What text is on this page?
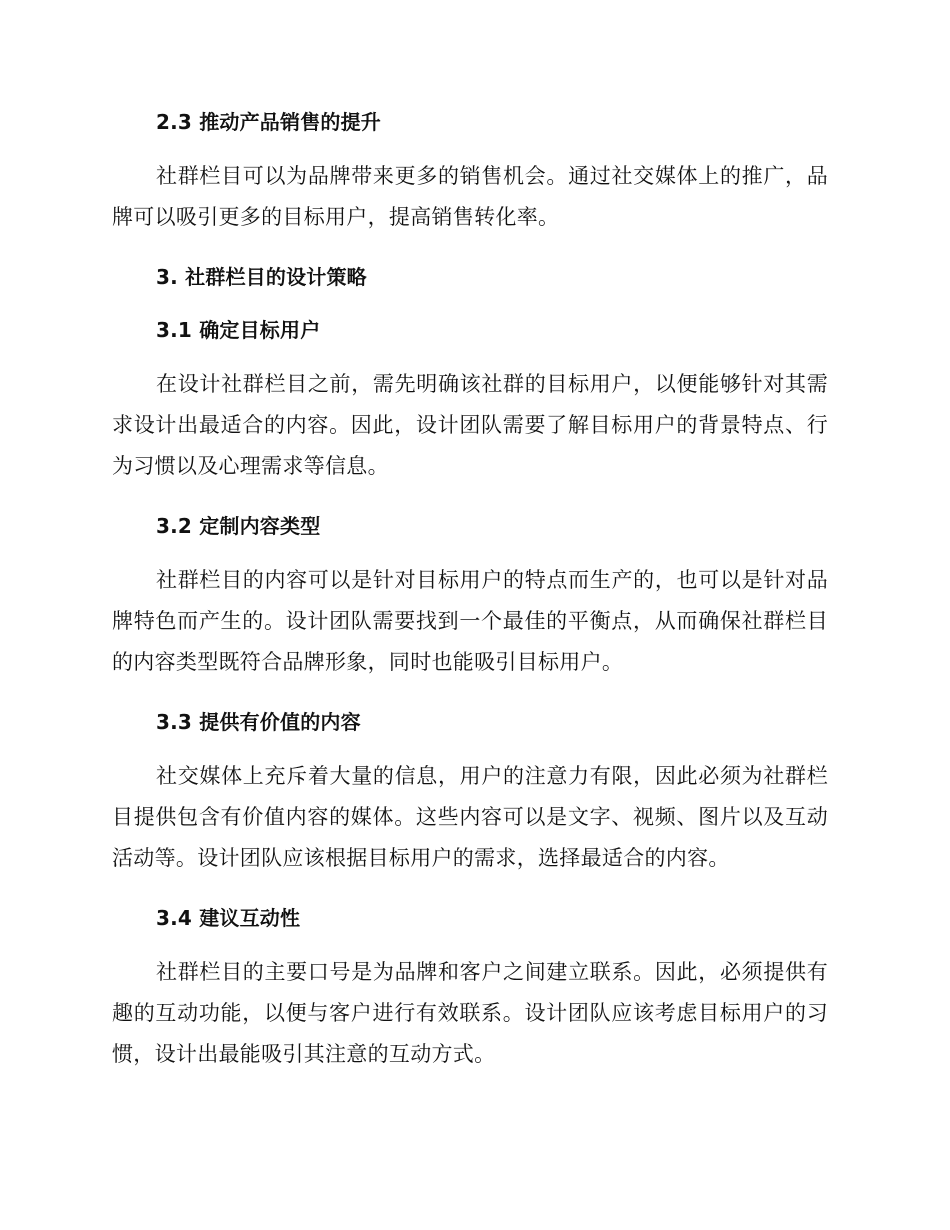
2.3 推动产品销售的提升

社群栏目可以为品牌带来更多的销售机会。通过社交媒体上的推广，品牌可以吸引更多的目标用户，提高销售转化率。

3. 社群栏目的设计策略
3.1 确定目标用户

在设计社群栏目之前，需先明确该社群的目标用户，以便能够针对其需求设计出最适合的内容。因此，设计团队需要了解目标用户的背景特点、行为习惯以及心理需求等信息。

3.2 定制内容类型

社群栏目的内容可以是针对目标用户的特点而生产的，也可以是针对品牌特色而产生的。设计团队需要找到一个最佳的平衡点，从而确保社群栏目的内容类型既符合品牌形象，同时也能吸引目标用户。

3.3 提供有价值的内容

社交媒体上充斥着大量的信息，用户的注意力有限，因此必须为社群栏目提供包含有价值内容的媒体。这些内容可以是文字、视频、图片以及互动活动等。设计团队应该根据目标用户的需求，选择最适合的内容。

3.4 建议互动性

社群栏目的主要口号是为品牌和客户之间建立联系。因此，必须提供有趣的互动功能，以便与客户进行有效联系。设计团队应该考虑目标用户的习惯，设计出最能吸引其注意的互动方式。
